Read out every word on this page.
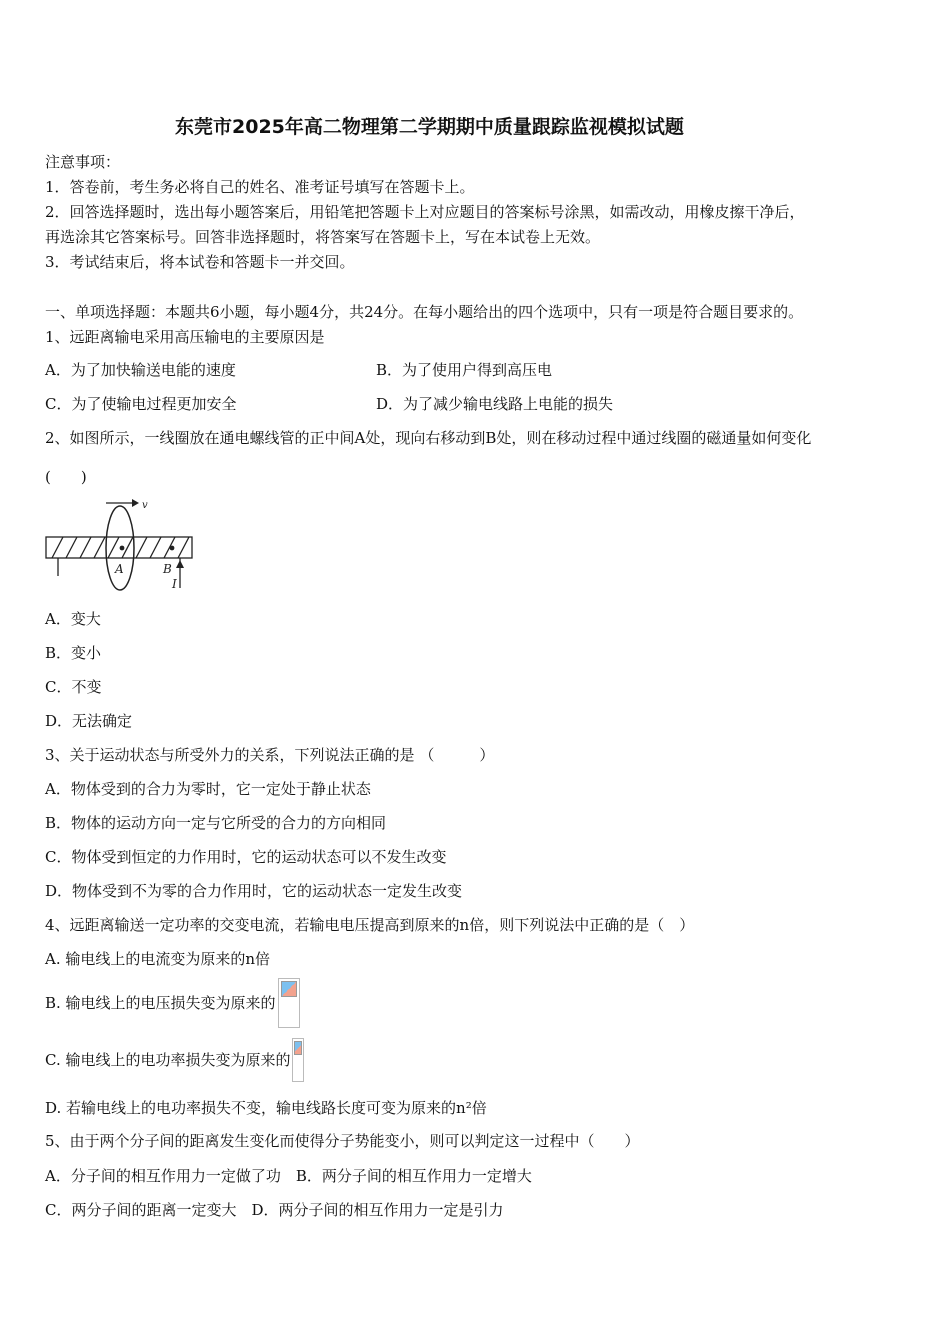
东莞市2025年高二物理第二学期期中质量跟踪监视模拟试题
注意事项：
1．答卷前，考生务必将自己的姓名、准考证号填写在答题卡上。
2．回答选择题时，选出每小题答案后，用铅笔把答题卡上对应题目的答案标号涂黑，如需改动，用橡皮擦干净后，
再选涂其它答案标号。回答非选择题时，将答案写在答题卡上，写在本试卷上无效。
3．考试结束后，将本试卷和答题卡一并交回。
一、单项选择题：本题共6小题，每小题4分，共24分。在每小题给出的四个选项中，只有一项是符合题目要求的。
1、远距离输电采用高压输电的主要原因是
A．为了加快输送电能的速度	B．为了使用户得到高压电
C．为了使输电过程更加安全	D．为了减少输电线路上电能的损失
2、如图所示，一线圈放在通电螺线管的正中间A处，现向右移动到B处，则在移动过程中通过线圈的磁通量如何变化
(　　)
v
A	B
I
A．变大
B．变小
C．不变
D．无法确定
3、关于运动状态与所受外力的关系，下列说法正确的是 （　　　）
A．物体受到的合力为零时，它一定处于静止状态
B．物体的运动方向一定与它所受的合力的方向相同
C．物体受到恒定的力作用时，它的运动状态可以不发生改变
D．物体受到不为零的合力作用时，它的运动状态一定发生改变
4、远距离输送一定功率的交变电流，若输电电压提高到原来的n倍，则下列说法中正确的是（　）
A. 输电线上的电流变为原来的n倍
B. 输电线上的电压损失变为原来的
C. 输电线上的电功率损失变为原来的
D. 若输电线上的电功率损失不变，输电线路长度可变为原来的n²倍
5、由于两个分子间的距离发生变化而使得分子势能变小，则可以判定这一过程中（　　）
A．分子间的相互作用力一定做了功　B．两分子间的相互作用力一定增大
C．两分子间的距离一定变大　D．两分子间的相互作用力一定是引力
